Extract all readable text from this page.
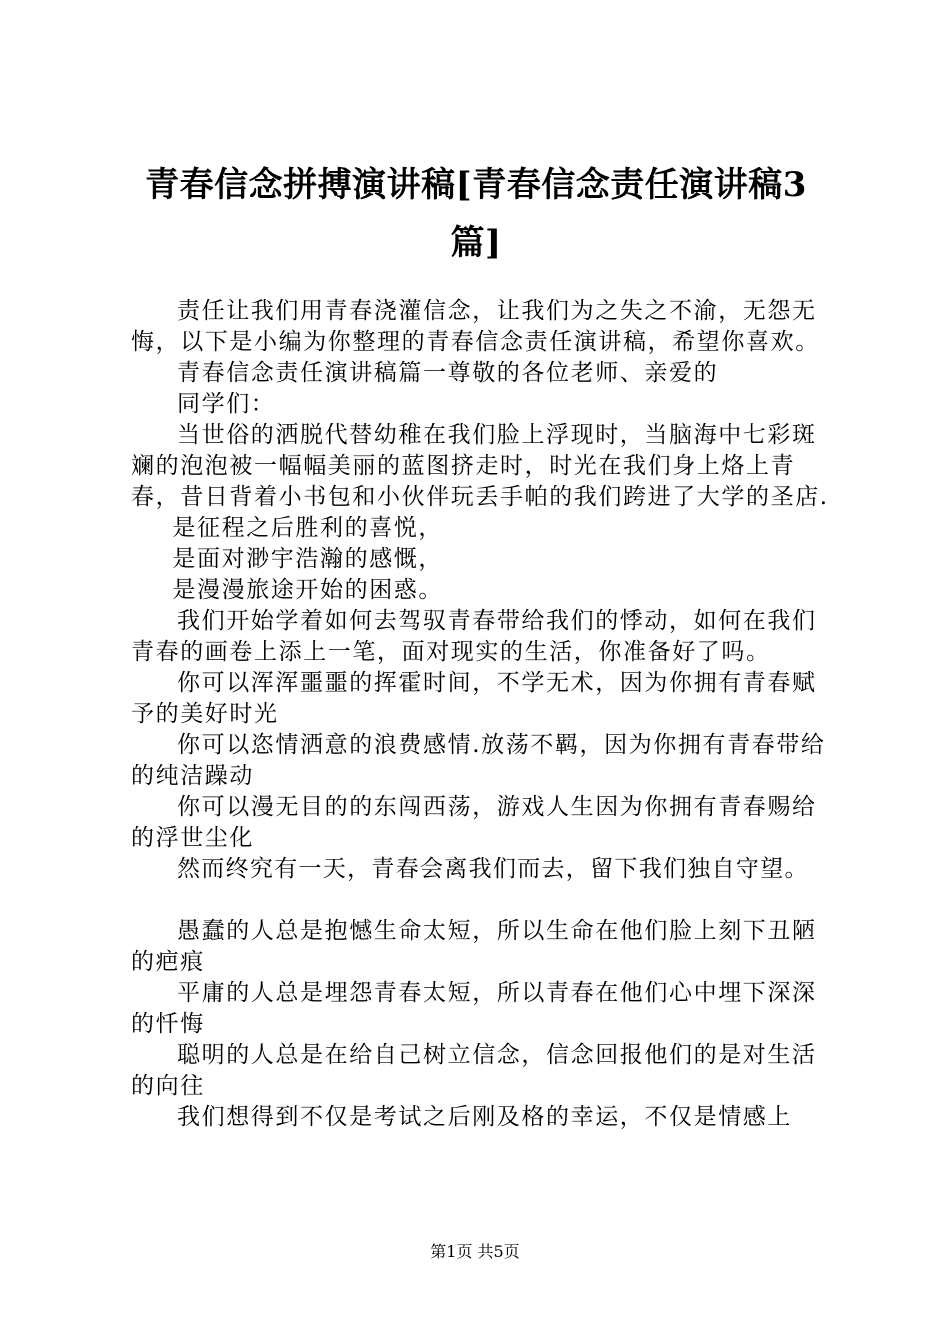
青春信念拼搏演讲稿[青春信念责任演讲稿3篇]

责任让我们用青春浇灌信念，让我们为之失之不渝，无怨无悔，以下是小编为你整理的青春信念责任演讲稿，希望你喜欢。

青春信念责任演讲稿篇一尊敬的各位老师、亲爱的

同学们：

当世俗的洒脱代替幼稚在我们脸上浮现时，当脑海中七彩斑斓的泡泡被一幅幅美丽的蓝图挤走时，时光在我们身上烙上青春，昔日背着小书包和小伙伴玩丢手帕的我们跨进了大学的圣店.

是征程之后胜利的喜悦，

是面对渺宇浩瀚的感慨，

是漫漫旅途开始的困惑。

我们开始学着如何去驾驭青春带给我们的悸动，如何在我们青春的画卷上添上一笔，面对现实的生活，你准备好了吗。

你可以浑浑噩噩的挥霍时间，不学无术，因为你拥有青春赋予的美好时光

你可以恣情洒意的浪费感情.放荡不羁，因为你拥有青春带给的纯洁躁动

你可以漫无目的的东闯西荡，游戏人生因为你拥有青春赐给的浮世尘化

然而终究有一天，青春会离我们而去，留下我们独自守望。

愚蠢的人总是抱憾生命太短，所以生命在他们脸上刻下丑陋的疤痕

平庸的人总是埋怨青春太短，所以青春在他们心中埋下深深的忏悔

聪明的人总是在给自己树立信念，信念回报他们的是对生活的向往

我们想得到不仅是考试之后刚及格的幸运，不仅是情感上

第1页 共5页
